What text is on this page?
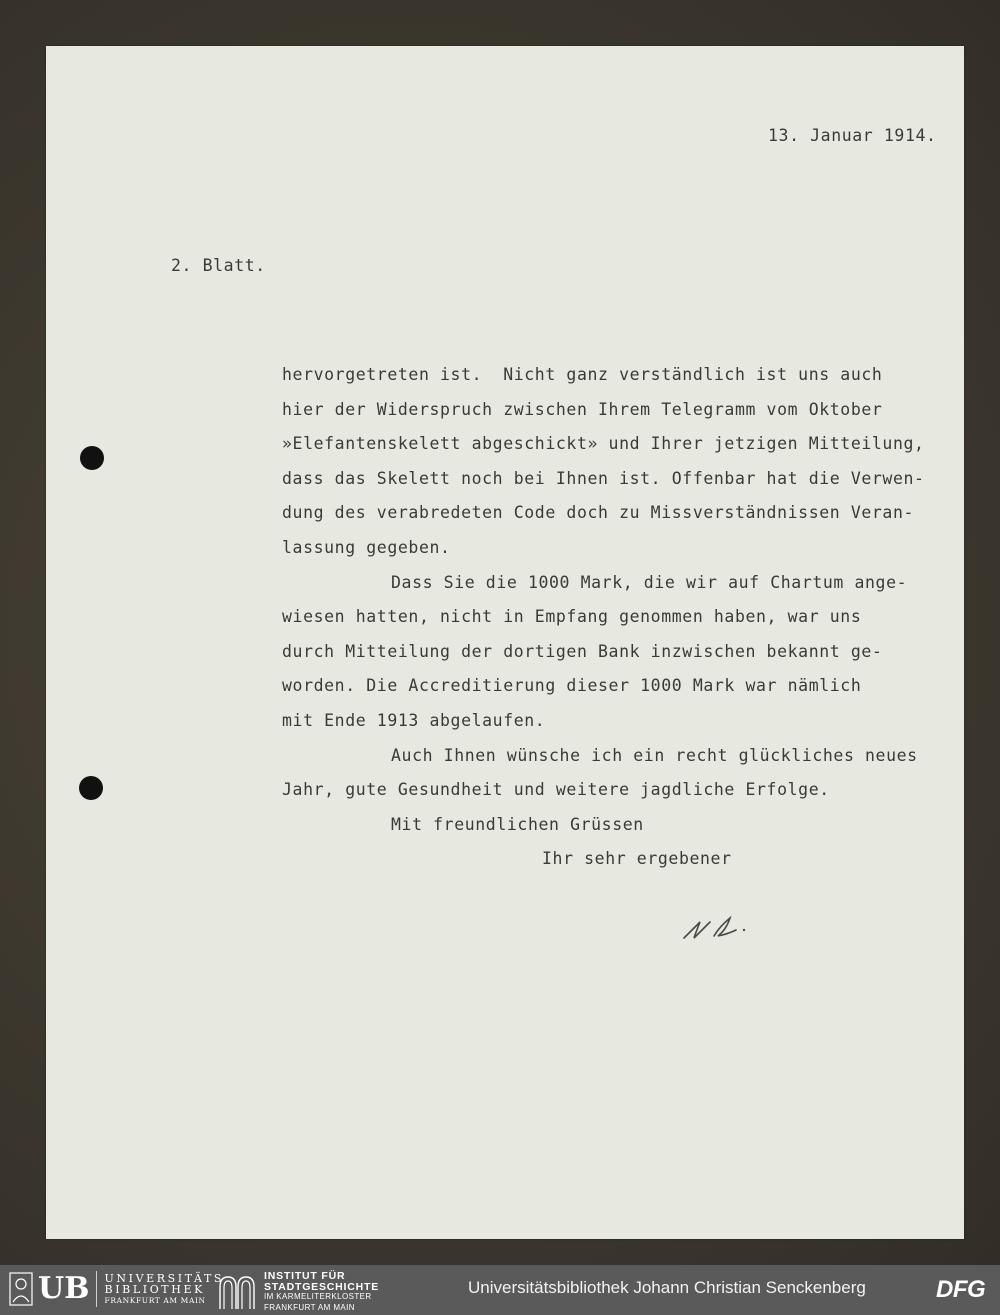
13. Januar 1914.
2. Blatt.
hervorgetreten ist.  Nicht ganz verständlich ist uns auch
hier der Widerspruch zwischen Ihrem Telegramm vom Oktober
»Elefantenskelett abgeschickt» und Ihrer jetzigen Mitteilung,
dass das Skelett noch bei Ihnen ist. Offenbar hat die Verwen-
dung des verabredeten Code doch zu Missverständnissen Veran-
lassung gegeben.
Dass Sie die 1000 Mark, die wir auf Chartum ange-
wiesen hatten, nicht in Empfang genommen haben, war uns
durch Mitteilung der dortigen Bank inzwischen bekannt ge-
worden. Die Accreditierung dieser 1000 Mark war nämlich
mit Ende 1913 abgelaufen.
Auch Ihnen wünsche ich ein recht glückliches neues
Jahr, gute Gesundheit und weitere jagdliche Erfolge.
Mit freundlichen Grüssen
Ihr sehr ergebener
UB	UNIVERSITÄTS
BIBLIOTHEK
FRANKFURT AM MAIN
INSTITUT FÜR
STADTGESCHICHTE
IM KARMELITERKLOSTER
FRANKFURT AM MAIN
Universitätsbibliothek Johann Christian Senckenberg	DFG
